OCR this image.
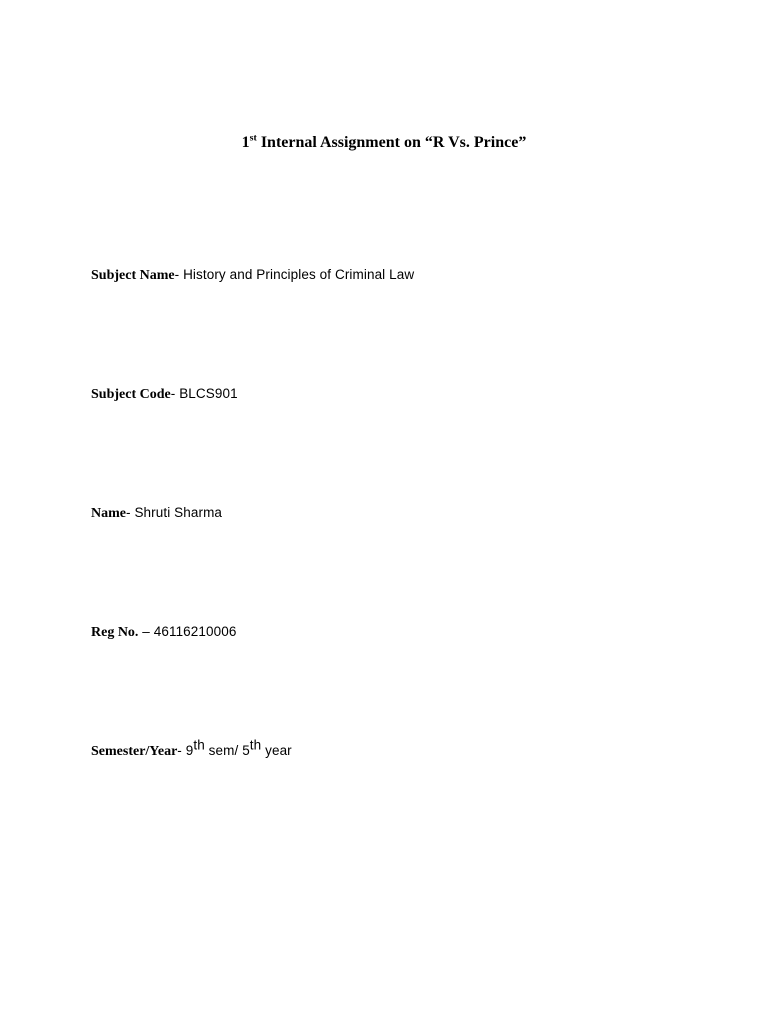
1st Internal Assignment on “R Vs. Prince”
Subject Name- History and Principles of Criminal Law
Subject Code- BLCS901
Name- Shruti Sharma
Reg No. – 46116210006
Semester/Year- 9th sem/ 5th year
